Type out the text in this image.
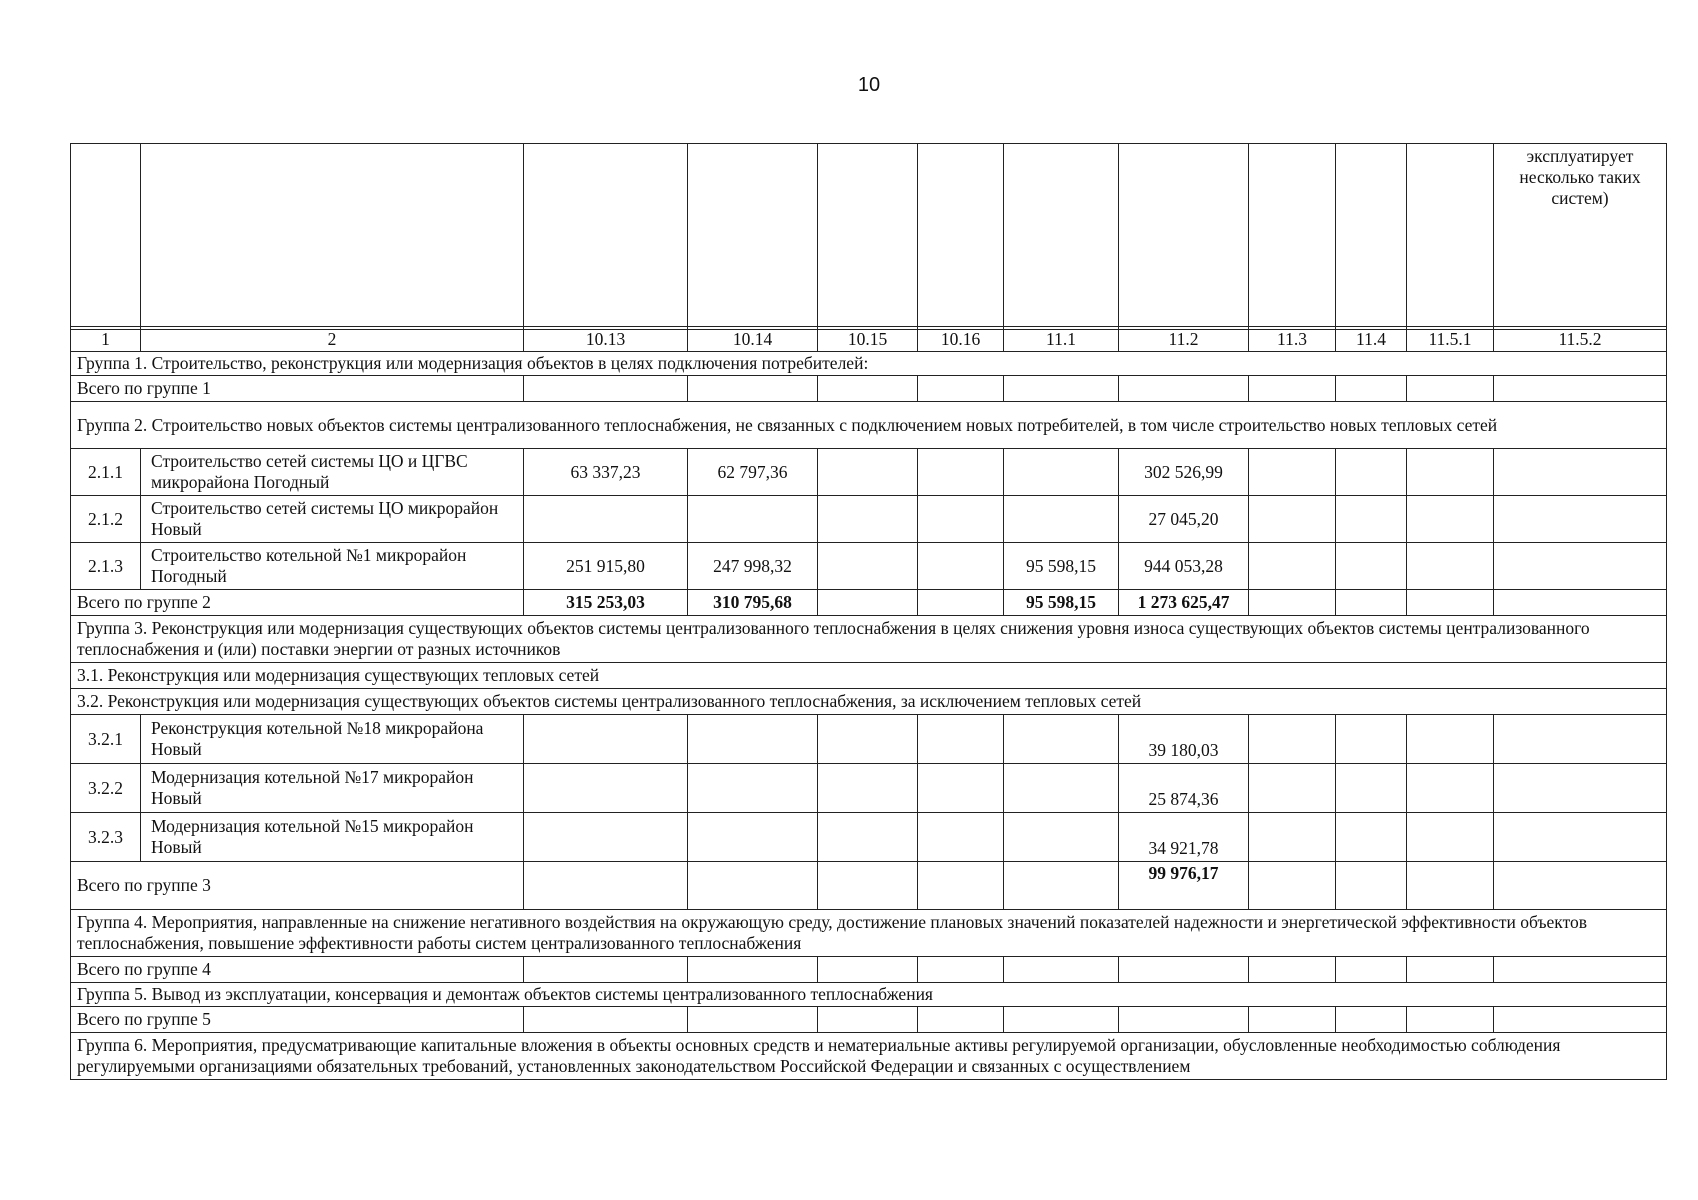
10
											эксплуатирует несколько таких систем)
1	2	10.13	10.14	10.15	10.16	11.1	11.2	11.3	11.4	11.5.1	11.5.2
Группа 1. Строительство, реконструкция или модернизация объектов в целях подключения потребителей:											
Всего по группе 1											
Группа 2. Строительство новых объектов системы централизованного теплоснабжения, не связанных с подключением новых потребителей, в том числе строительство новых тепловых сетей											
2.1.1	Строительство сетей системы ЦО и ЦГВС микрорайона Погодный	63 337,23	62 797,36				302 526,99				
2.1.2	Строительство сетей системы ЦО микрорайон Новый						27 045,20				
2.1.3	Строительство котельной №1 микрорайон Погодный	251 915,80	247 998,32			95 598,15	944 053,28				
Всего по группе 2		315 253,03	310 795,68			95 598,15	1 273 625,47				
Группа 3. Реконструкция или модернизация существующих объектов системы централизованного теплоснабжения в целях снижения уровня износа существующих объектов системы централизованного теплоснабжения и (или) поставки энергии от разных источников											
3.1. Реконструкция или модернизация существующих тепловых сетей											
3.2. Реконструкция или модернизация существующих объектов системы централизованного теплоснабжения, за исключением тепловых сетей											
3.2.1	Реконструкция котельной №18 микрорайона Новый						39 180,03				
3.2.2	Модернизация котельной №17 микрорайон Новый						25 874,36				
3.2.3	Модернизация котельной №15 микрорайон Новый						34 921,78				
Всего по группе 3							99 976,17				
Группа 4. Мероприятия, направленные на снижение негативного воздействия на окружающую среду, достижение плановых значений показателей надежности и энергетической эффективности объектов теплоснабжения, повышение эффективности работы систем централизованного теплоснабжения											
Всего по группе 4											
Группа 5. Вывод из эксплуатации, консервация и демонтаж объектов системы централизованного теплоснабжения											
Всего по группе 5											
Группа 6. Мероприятия, предусматривающие капитальные вложения в объекты основных средств и нематериальные активы регулируемой организации, обусловленные необходимостью соблюдения регулируемыми организациями обязательных требований, установленных законодательством Российской Федерации и связанных с осуществлением											
